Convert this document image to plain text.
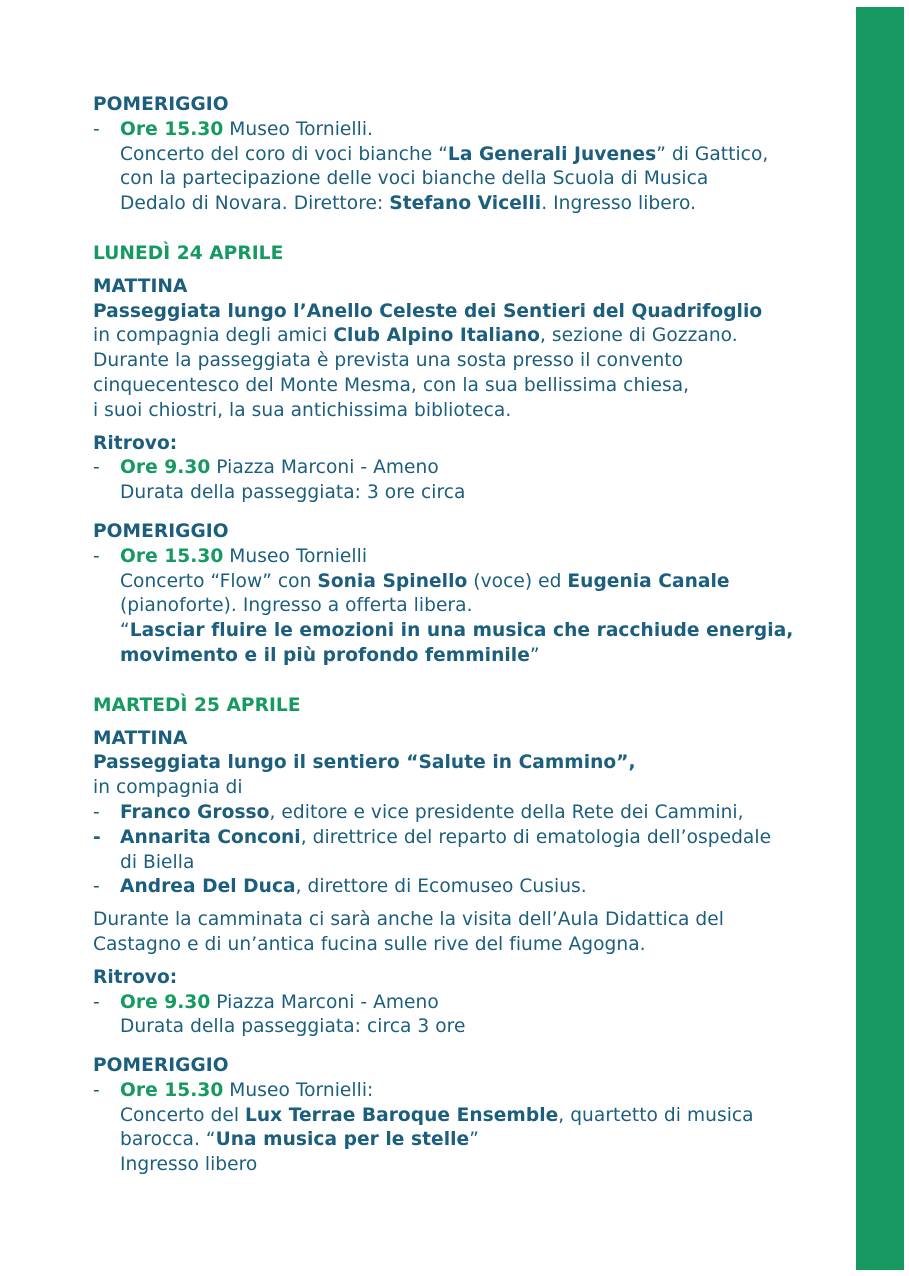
POMERIGGIO
-	Ore 15.30 Museo Tornielli.
Concerto del coro di voci bianche “La Generali Juvenes” di Gattico,
con la partecipazione delle voci bianche della Scuola di Musica
Dedalo di Novara. Direttore: Stefano Vicelli. Ingresso libero.
LUNEDÌ 24 APRILE
MATTINA
Passeggiata lungo l’Anello Celeste dei Sentieri del Quadrifoglio
in compagnia degli amici Club Alpino Italiano, sezione di Gozzano.
Durante la passeggiata è prevista una sosta presso il convento
cinquecentesco del Monte Mesma, con la sua bellissima chiesa,
i suoi chiostri, la sua antichissima biblioteca.
Ritrovo:
-	Ore 9.30 Piazza Marconi - Ameno
Durata della passeggiata: 3 ore circa
POMERIGGIO
-	Ore 15.30 Museo Tornielli
Concerto “Flow” con Sonia Spinello (voce) ed Eugenia Canale
(pianoforte). Ingresso a offerta libera.
“Lasciar fluire le emozioni in una musica che racchiude energia,
movimento e il più profondo femminile”
MARTEDÌ 25 APRILE
MATTINA
Passeggiata lungo il sentiero “Salute in Cammino”,
in compagnia di
-	Franco Grosso, editore e vice presidente della Rete dei Cammini,
-	Annarita Conconi, direttrice del reparto di ematologia dell’ospedale
di Biella
-	Andrea Del Duca, direttore di Ecomuseo Cusius.
Durante la camminata ci sarà anche la visita dell’Aula Didattica del
Castagno e di un’antica fucina sulle rive del fiume Agogna.
Ritrovo:
-	Ore 9.30 Piazza Marconi - Ameno
Durata della passeggiata: circa 3 ore
POMERIGGIO
-	Ore 15.30 Museo Tornielli:
Concerto del Lux Terrae Baroque Ensemble, quartetto di musica
barocca. “Una musica per le stelle”
Ingresso libero
